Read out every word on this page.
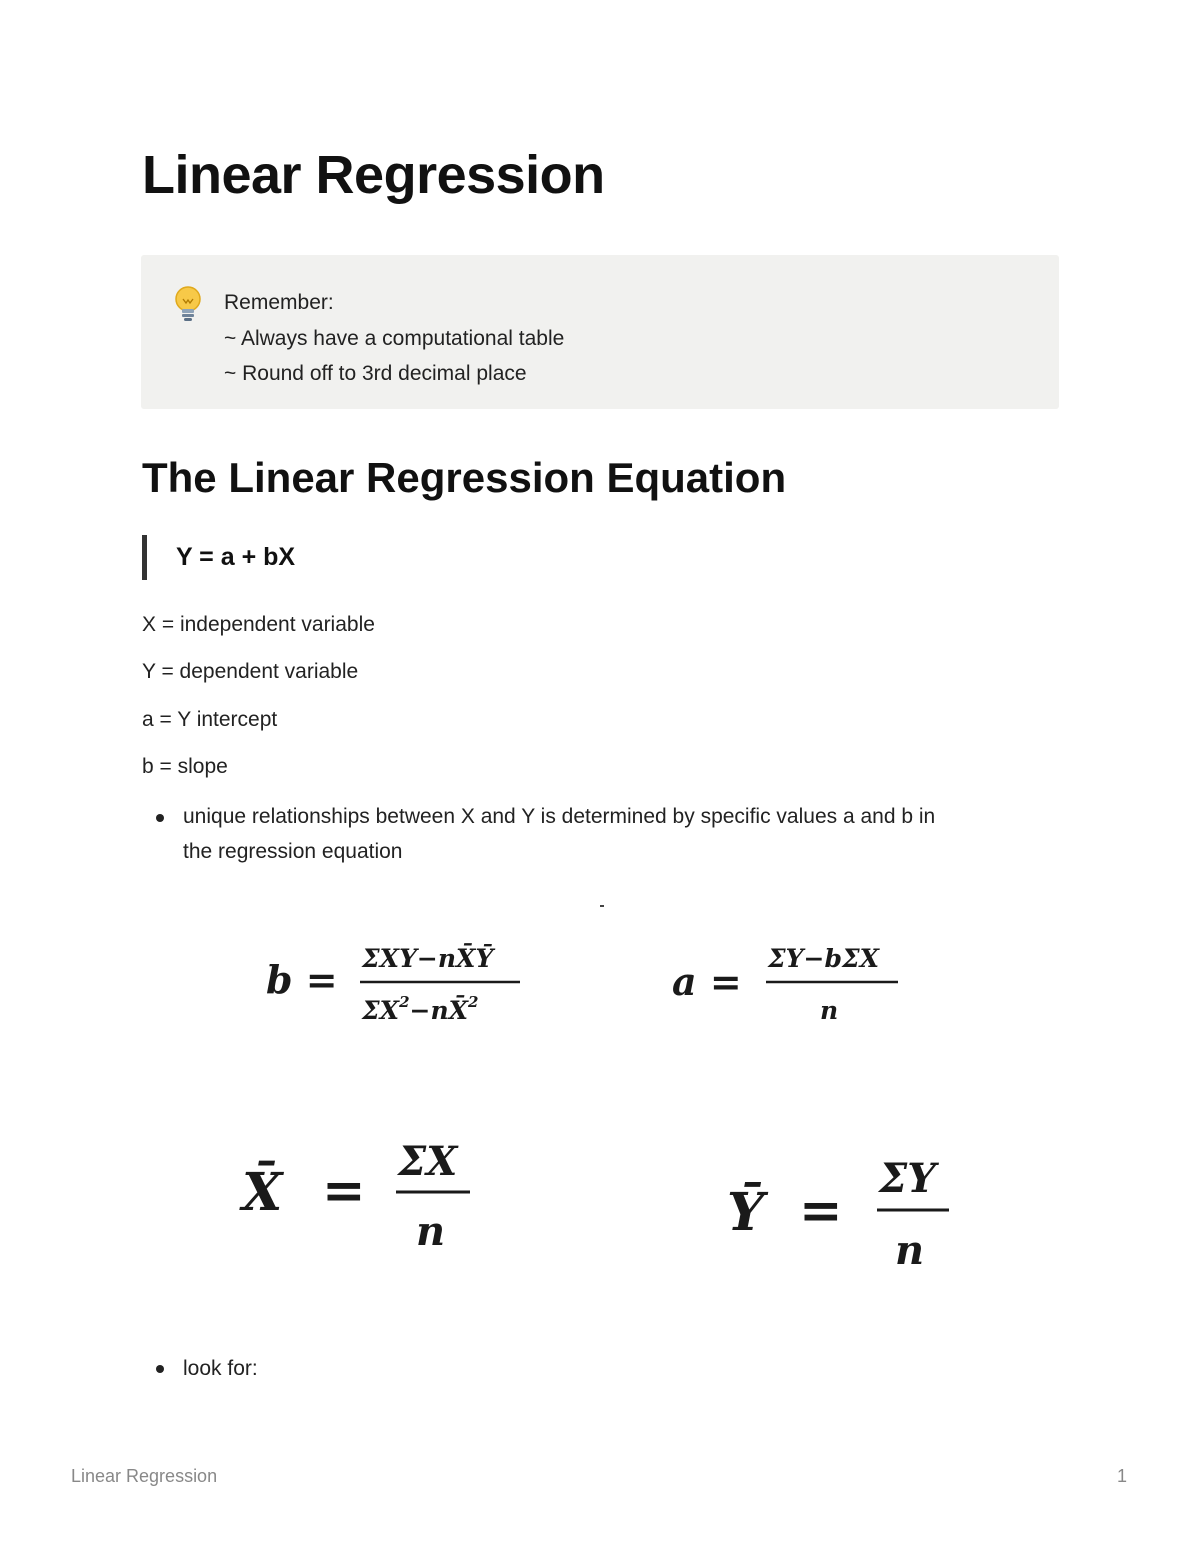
Linear Regression
Remember:
~ Always have a computational table
~ Round off to 3rd decimal place
The Linear Regression Equation
Y = a + bX
X = independent variable
Y = dependent variable
a = Y intercept
b = slope
unique relationships between X and Y is determined by specific values a and b in
the regression equation
b = ΣXY−nX̄Ȳ
$\Sigma X^2-nX̄^2$	a =
ΣY−bΣX
n
X̄ = ΣX
n	Ȳ =
ΣY
n
look for:
Linear Regression	1
